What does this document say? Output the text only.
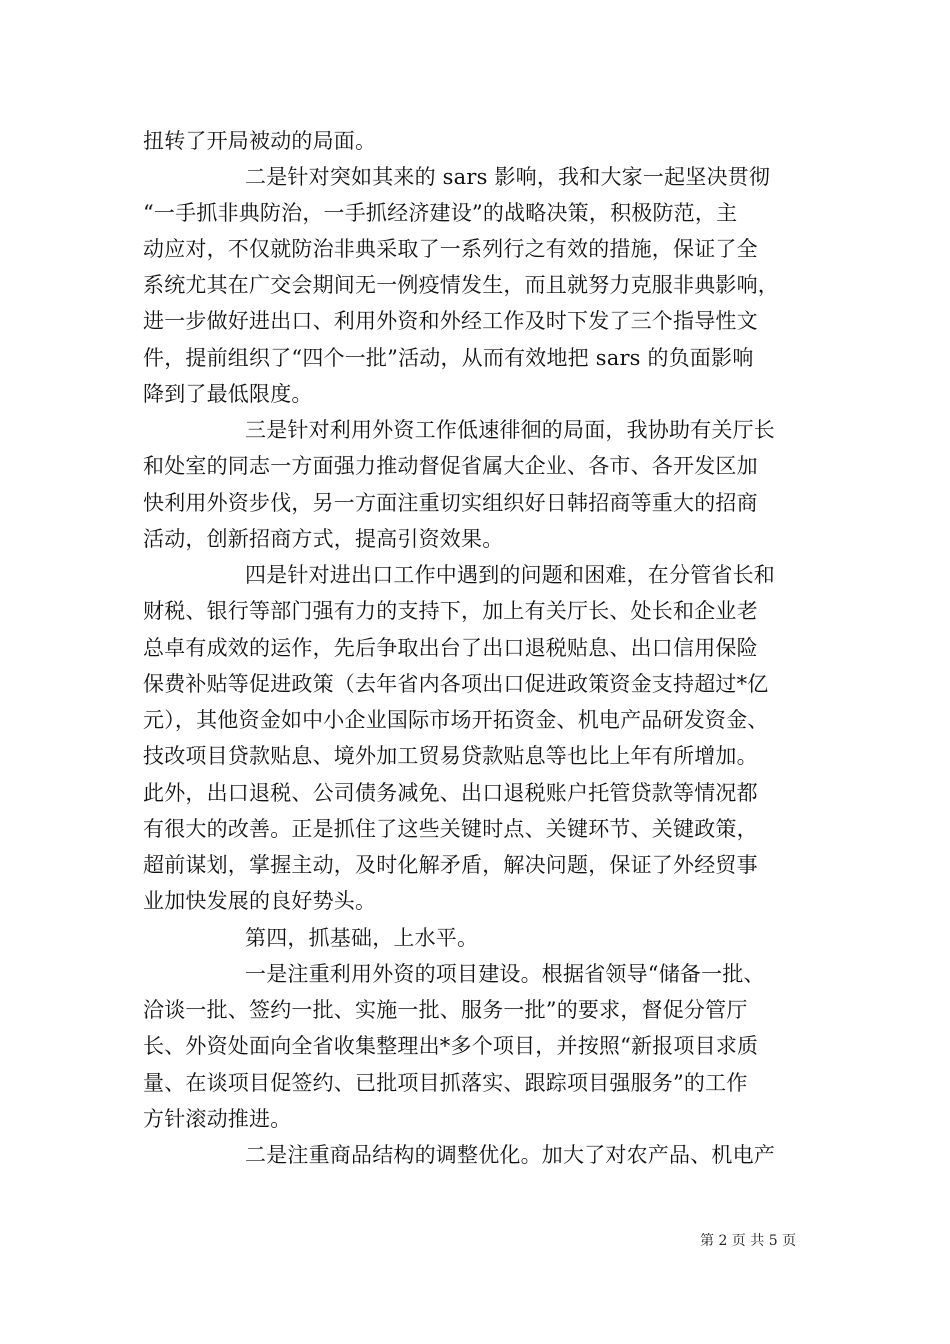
扭转了开局被动的局面。
二是针对突如其来的 sars 影响，我和大家一起坚决贯彻
“一手抓非典防治，一手抓经济建设”的战略决策，积极防范，主
动应对，不仅就防治非典采取了一系列行之有效的措施，保证了全
系统尤其在广交会期间无一例疫情发生，而且就努力克服非典影响，
进一步做好进出口、利用外资和外经工作及时下发了三个指导性文
件，提前组织了“四个一批”活动，从而有效地把 sars 的负面影响
降到了最低限度。
三是针对利用外资工作低速徘徊的局面，我协助有关厅长
和处室的同志一方面强力推动督促省属大企业、各市、各开发区加
快利用外资步伐，另一方面注重切实组织好日韩招商等重大的招商
活动，创新招商方式，提高引资效果。
四是针对进出口工作中遇到的问题和困难，在分管省长和
财税、银行等部门强有力的支持下，加上有关厅长、处长和企业老
总卓有成效的运作，先后争取出台了出口退税贴息、出口信用保险
保费补贴等促进政策（去年省内各项出口促进政策资金支持超过*亿
元），其他资金如中小企业国际市场开拓资金、机电产品研发资金、
技改项目贷款贴息、境外加工贸易贷款贴息等也比上年有所增加。
此外，出口退税、公司债务减免、出口退税账户托管贷款等情况都
有很大的改善。正是抓住了这些关键时点、关键环节、关键政策，
超前谋划，掌握主动，及时化解矛盾，解决问题，保证了外经贸事
业加快发展的良好势头。
第四，抓基础，上水平。
一是注重利用外资的项目建设。根据省领导“储备一批、
洽谈一批、签约一批、实施一批、服务一批”的要求，督促分管厅
长、外资处面向全省收集整理出*多个项目，并按照“新报项目求质
量、在谈项目促签约、已批项目抓落实、跟踪项目强服务”的工作
方针滚动推进。
二是注重商品结构的调整优化。加大了对农产品、机电产
第 2 页 共 5 页
